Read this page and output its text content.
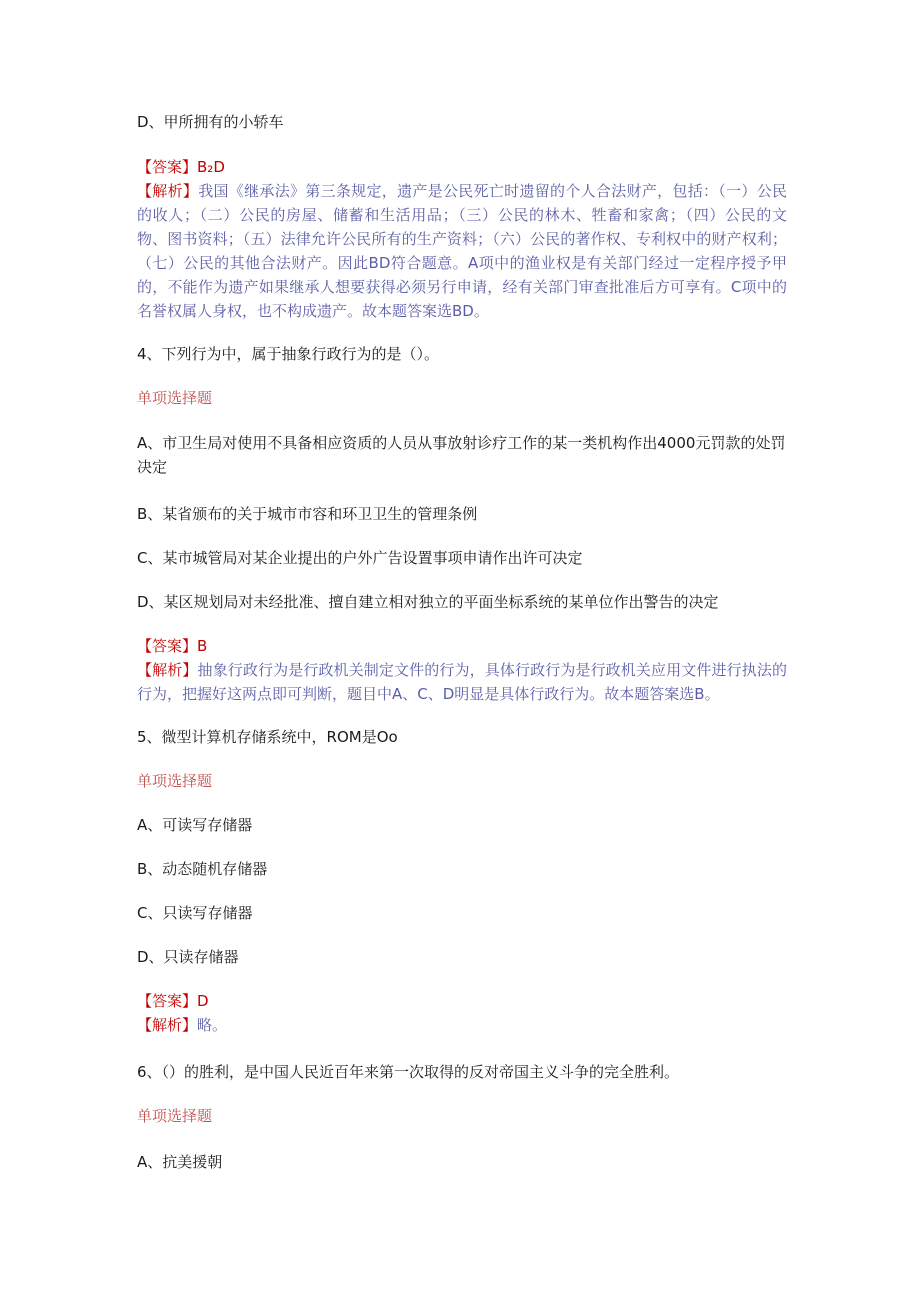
D、甲所拥有的小轿车
【答案】B₂D
【解析】我国《继承法》第三条规定，遗产是公民死亡时遗留的个人合法财产，包括：（一）公民的收人；（二）公民的房屋、储蓄和生活用品；（三）公民的林木、牲畜和家禽；（四）公民的文物、图书资料；（五）法律允许公民所有的生产资料；（六）公民的著作权、专利权中的财产权利；（七）公民的其他合法财产。因此BD符合题意。A项中的渔业权是有关部门经过一定程序授予甲的，不能作为遗产如果继承人想要获得必须另行申请，经有关部门审查批准后方可享有。C项中的名誉权属人身权，也不构成遗产。故本题答案选BD。
4、下列行为中，属于抽象行政行为的是（）。
单项选择题
A、市卫生局对使用不具备相应资质的人员从事放射诊疗工作的某一类机构作出4000元罚款的处罚决定
B、某省颁布的关于城市市容和环卫卫生的管理条例
C、某市城管局对某企业提出的户外广告设置事项申请作出许可决定
D、某区规划局对未经批准、擅自建立相对独立的平面坐标系统的某单位作出警告的决定
【答案】B
【解析】抽象行政行为是行政机关制定文件的行为，具体行政行为是行政机关应用文件进行执法的行为，把握好这两点即可判断，题目中A、C、D明显是具体行政行为。故本题答案选B。
5、微型计算机存储系统中，ROM是Oo
单项选择题
A、可读写存储器
B、动态随机存储器
C、只读写存储器
D、只读存储器
【答案】D
【解析】略。
6、（）的胜利，是中国人民近百年来第一次取得的反对帝国主义斗争的完全胜利。
单项选择题
A、抗美援朝
